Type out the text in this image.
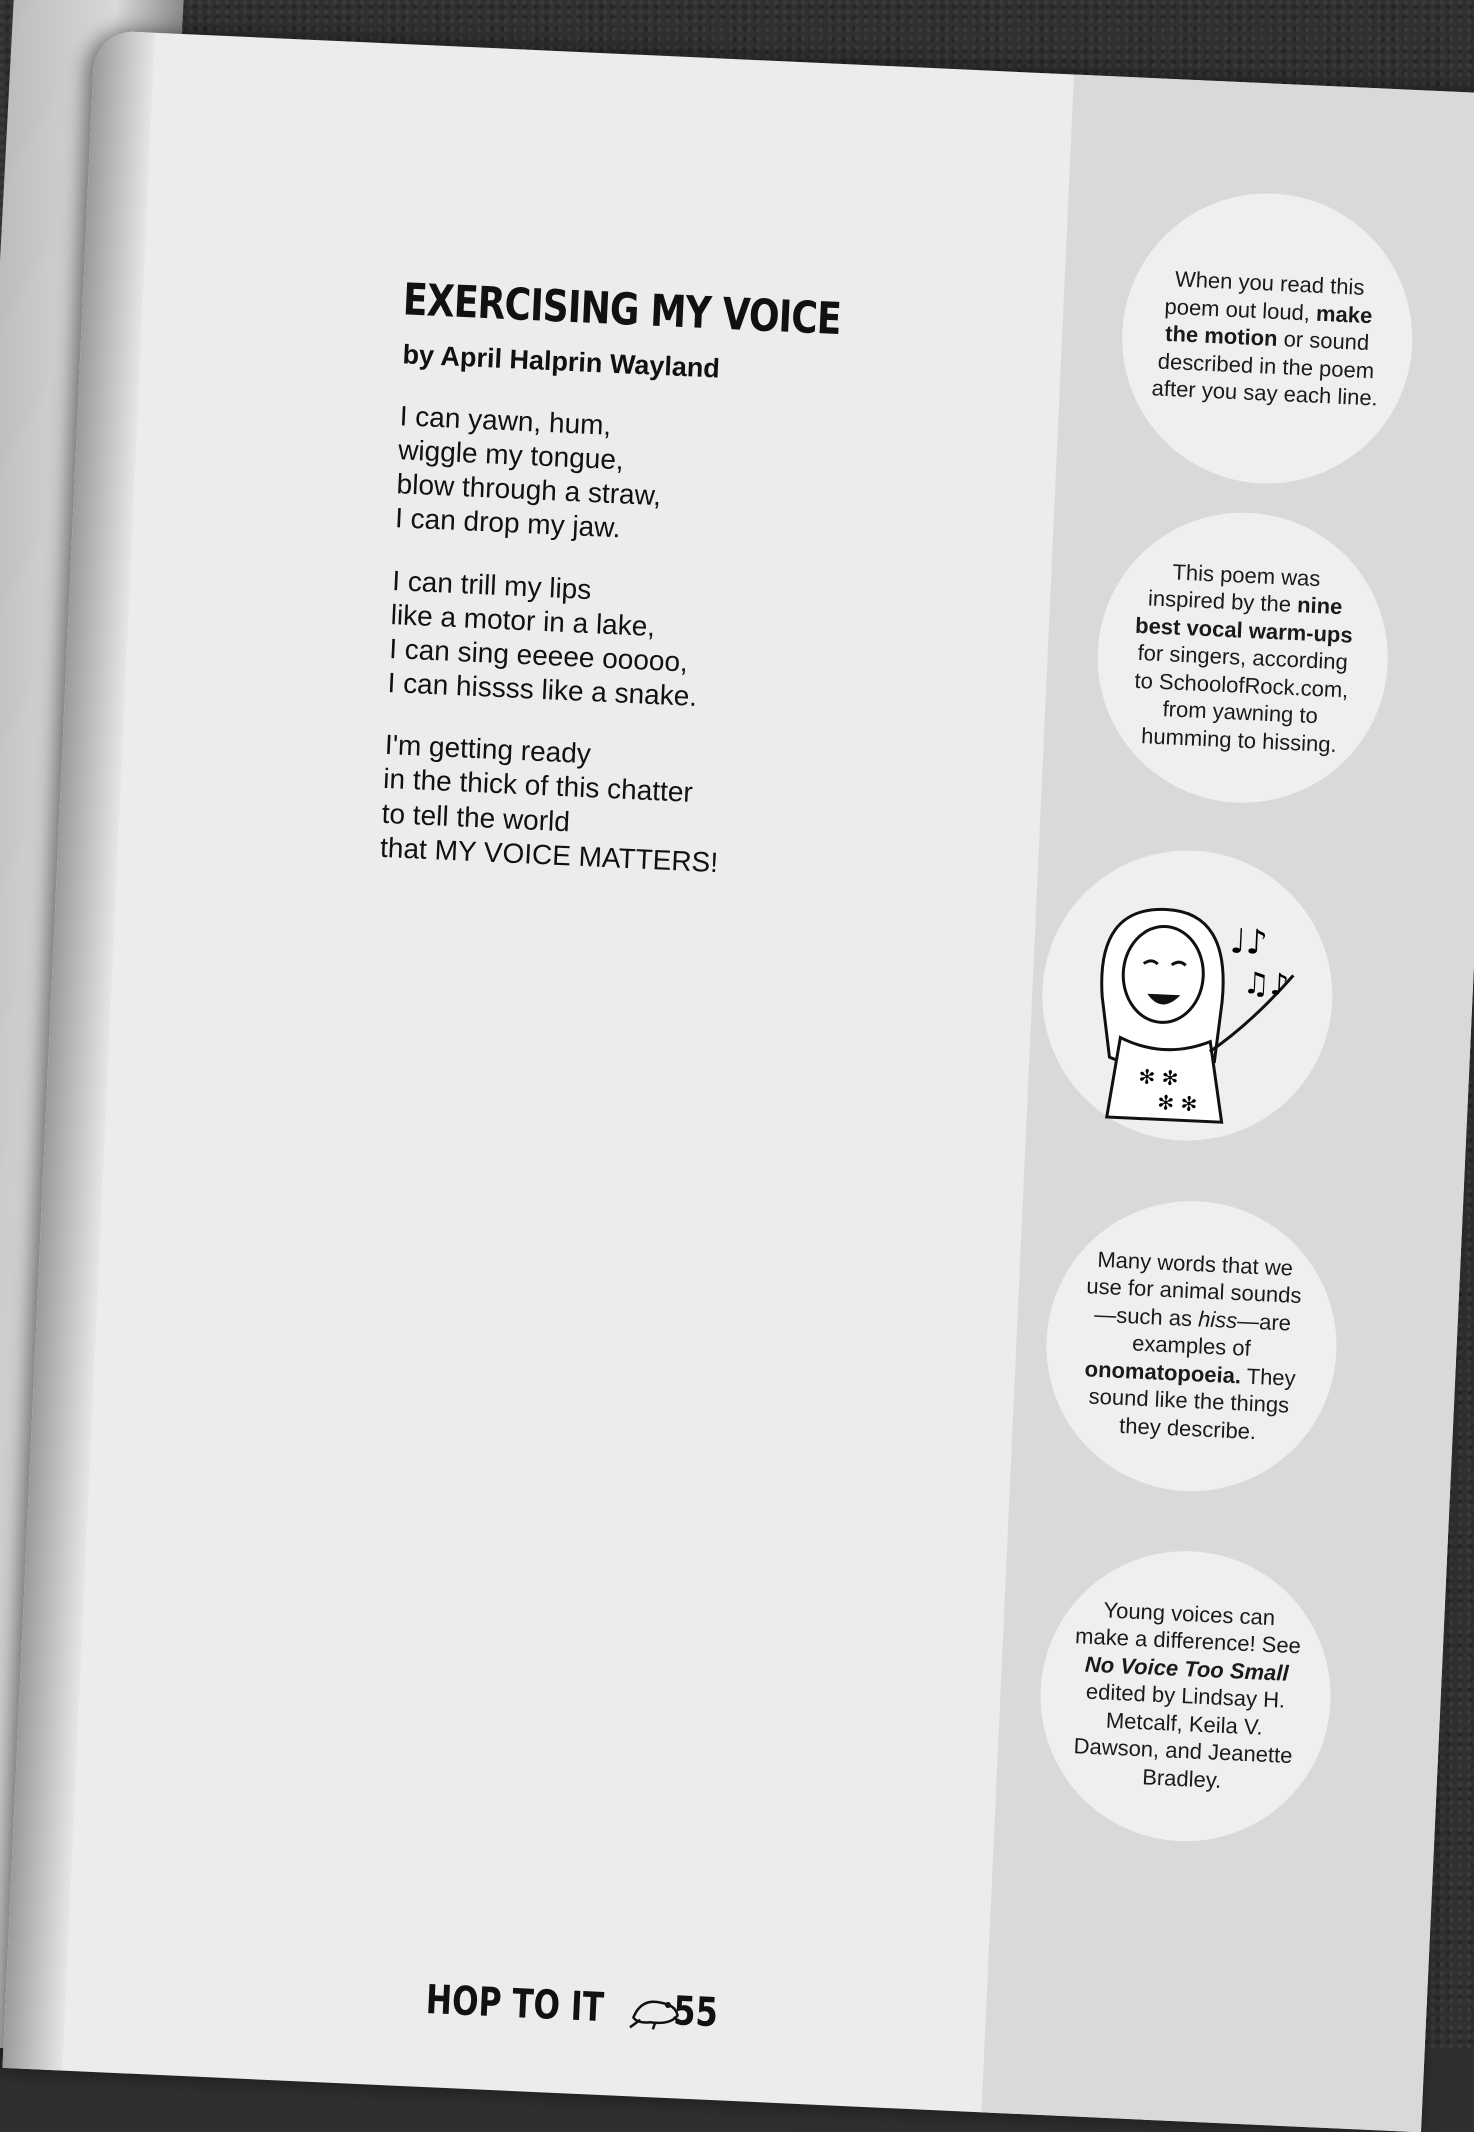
EXERCISING MY VOICE
by April Halprin Wayland
I can yawn, hum,
wiggle my tongue,
blow through a straw,
I can drop my jaw.
I can trill my lips
like a motor in a lake,
I can sing eeeee ooooo,
I can hissss like a snake.
I'm getting ready
in the thick of this chatter
to tell the world
that MY VOICE MATTERS!
When you read this poem out loud, make the motion or sound described in the poem after you say each line.
This poem was inspired by the nine best vocal warm-ups for singers, according to SchoolofRock.com, from yawning to humming to hissing.
♩♪
♫♪
✻ ✻
✻ ✻
Many words that we use for animal sounds—such as hiss—are examples of onomatopoeia. They sound like the things they describe.
Young voices can make a difference! See No Voice Too Small edited by Lindsay H. Metcalf, Keila V. Dawson, and Jeanette Bradley.
HOP TO IT 55
